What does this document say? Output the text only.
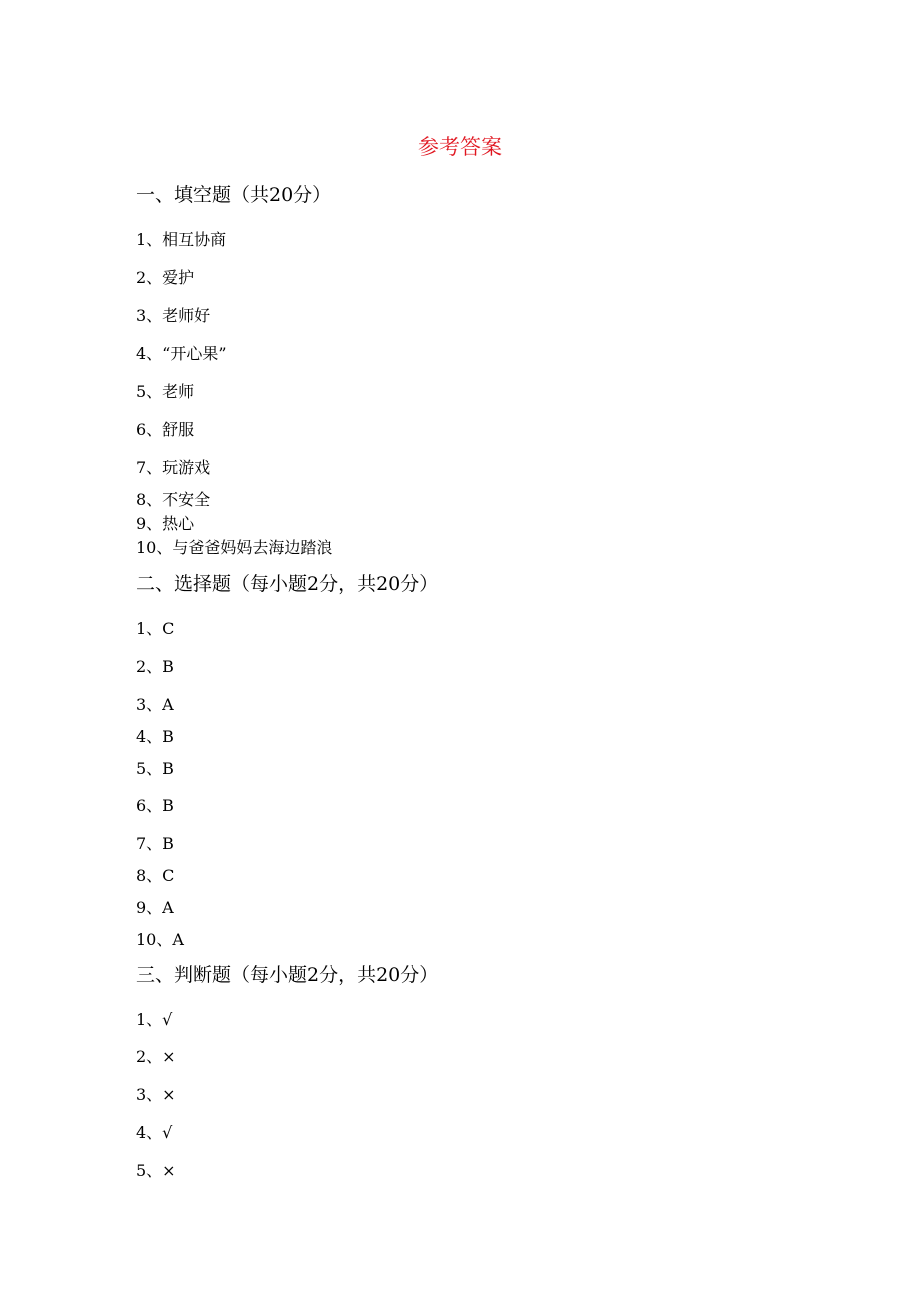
参考答案
一、填空题（共20分）
1、相互协商
2、爱护
3、老师好
4、“开心果”
5、老师
6、舒服
7、玩游戏
8、不安全
9、热心
10、与爸爸妈妈去海边踏浪
二、选择题（每小题2分，共20分）
1、C
2、B
3、A
4、B
5、B
6、B
7、B
8、C
9、A
10、A
三、判断题（每小题2分，共20分）
1、√
2、×
3、×
4、√
5、×
